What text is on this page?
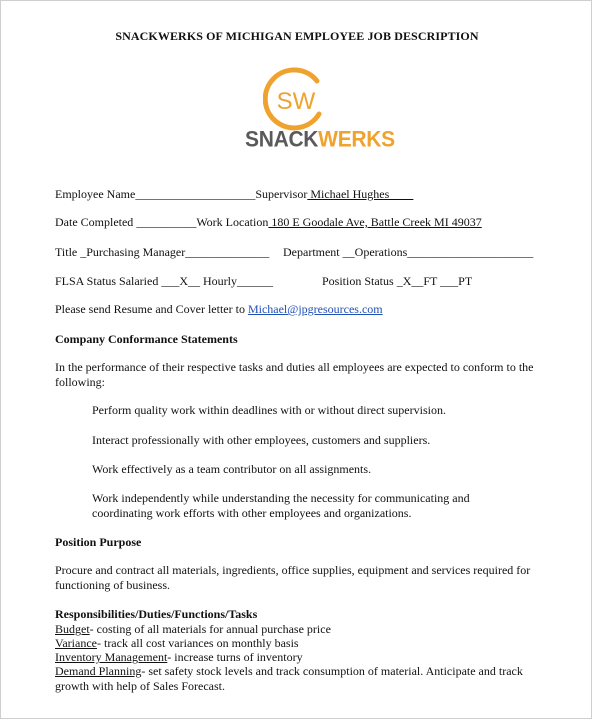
SNACKWERKS OF MICHIGAN EMPLOYEE JOB DESCRIPTION
SW
SNACKWERKS
Employee Name____________________Supervisor Michael Hughes____
Date Completed __________Work Location 180 E Goodale Ave, Battle Creek MI 49037
Title _Purchasing Manager______________ Department __Operations_____________________
FLSA Status Salaried ___X__ Hourly______	Position Status _X__FT ___PT
Please send Resume and Cover letter to Michael@jpgresources.com
Company Conformance Statements
In the performance of their respective tasks and duties all employees are expected to conform to the following:
Perform quality work within deadlines with or without direct supervision.
Interact professionally with other employees, customers and suppliers.
Work effectively as a team contributor on all assignments.
Work independently while understanding the necessity for communicating and coordinating work efforts with other employees and organizations.
Position Purpose
Procure and contract all materials, ingredients, office supplies, equipment and services required for functioning of business.
Responsibilities/Duties/Functions/Tasks
Budget- costing of all materials for annual purchase price
Variance- track all cost variances on monthly basis
Inventory Management- increase turns of inventory
Demand Planning- set safety stock levels and track consumption of material. Anticipate and track growth with help of Sales Forecast.
